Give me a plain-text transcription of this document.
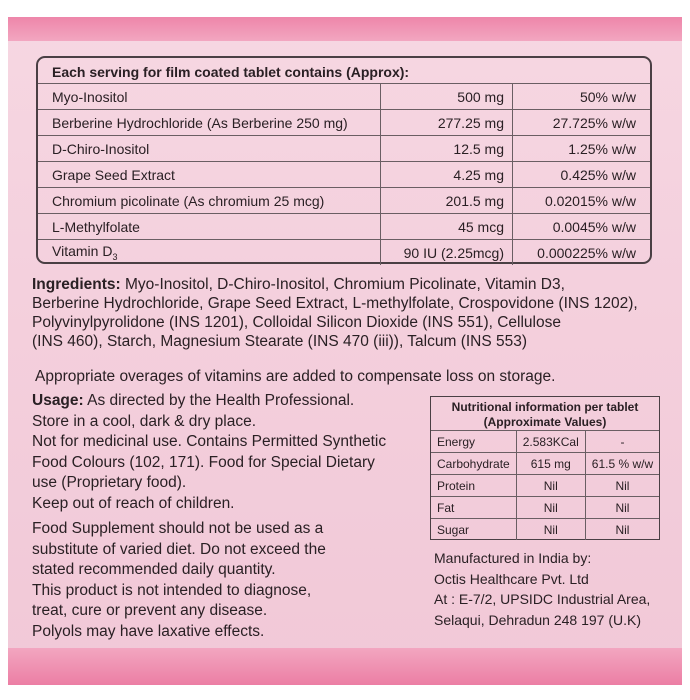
Each serving for film coated tablet contains (Approx):
Myo-Inositol	500 mg	50% w/w
Berberine Hydrochloride (As Berberine 250 mg)	277.25 mg	27.725% w/w
D-Chiro-Inositol	12.5 mg	1.25% w/w
Grape Seed Extract	4.25 mg	0.425% w/w
Chromium picolinate (As chromium 25 mcg)	201.5 mg	0.02015% w/w
L-Methylfolate	45 mcg	0.0045% w/w
Vitamin $D_3$	90 IU (2.25mcg)	0.000225% w/w
Ingredients: Myo-Inositol, D-Chiro-Inositol, Chromium Picolinate, Vitamin D3,
Berberine Hydrochloride, Grape Seed Extract, L-methylfolate, Crospovidone (INS 1202),
Polyvinylpyrolidone (INS 1201), Colloidal Silicon Dioxide (INS 551), Cellulose
(INS 460), Starch, Magnesium Stearate (INS 470 (iii)), Talcum (INS 553)
Appropriate overages of vitamins are added to compensate loss on storage.
Usage: As directed by the Health Professional.
Store in a cool, dark & dry place.
Not for medicinal use. Contains Permitted Synthetic
Food Colours (102, 171). Food for Special Dietary
use (Proprietary food).
Keep out of reach of children.
Food Supplement should not be used as a
substitute of varied diet. Do not exceed the
stated recommended daily quantity.
This product is not intended to diagnose,
treat, cure or prevent any disease.
Polyols may have laxative effects.
Nutritional information per tablet
(Approximate Values)
Energy	2.583KCal	-
Carbohydrate	615 mg	61.5 % w/w
Protein	Nil	Nil
Fat	Nil	Nil
Sugar	Nil	Nil
Manufactured in India by:
Octis Healthcare Pvt. Ltd
At : E-7/2, UPSIDC Industrial Area,
Selaqui, Dehradun 248 197 (U.K)
